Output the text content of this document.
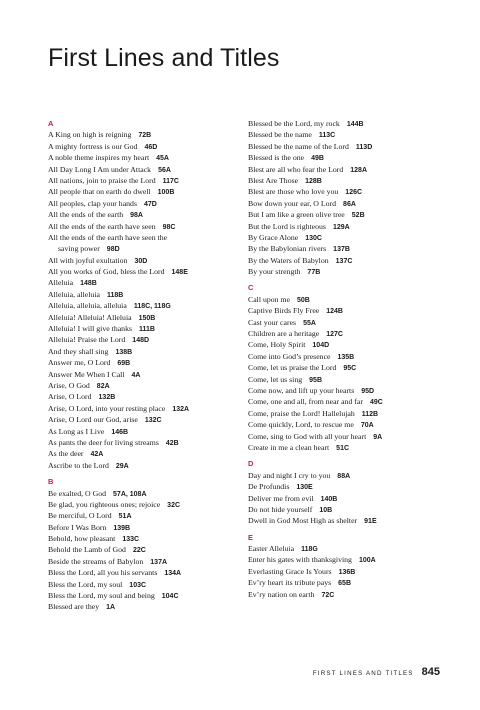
First Lines and Titles
A
A King on high is reigning 72B
A mighty fortress is our God 46D
A noble theme inspires my heart 45A
All Day Long I Am under Attack 56A
All nations, join to praise the Lord 117C
All people that on earth do dwell 100B
All peoples, clap your hands 47D
All the ends of the earth 98A
All the ends of the earth have seen 98C
All the ends of the earth have seen the
saving power 98D
All with joyful exultation 30D
All you works of God, bless the Lord 148E
Alleluia 148B
Alleluia, alleluia 118B
Alleluia, alleluia, alleluia 118C, 118G
Alleluia! Alleluia! Alleluia 150B
Alleluia! I will give thanks 111B
Alleluia! Praise the Lord 148D
And they shall sing 138B
Answer me, O Lord 69B
Answer Me When I Call 4A
Arise, O God 82A
Arise, O Lord 132B
Arise, O Lord, into your resting place 132A
Arise, O Lord our God, arise 132C
As Long as I Live 146B
As pants the deer for living streams 42B
As the deer 42A
Ascribe to the Lord 29A
B
Be exalted, O God 57A, 108A
Be glad, you righteous ones; rejoice 32C
Be merciful, O Lord 51A
Before I Was Born 139B
Behold, how pleasant 133C
Behold the Lamb of God 22C
Beside the streams of Babylon 137A
Bless the Lord, all you his servants 134A
Bless the Lord, my soul 103C
Bless the Lord, my soul and being 104C
Blessed are they 1A
Blessed be the Lord, my rock 144B
Blessed be the name 113C
Blessed be the name of the Lord 113D
Blessed is the one 49B
Blest are all who fear the Lord 128A
Blest Are Those 128B
Blest are those who love you 126C
Bow down your ear, O Lord 86A
But I am like a green olive tree 52B
But the Lord is righteous 129A
By Grace Alone 130C
By the Babylonian rivers 137B
By the Waters of Babylon 137C
By your strength 77B
C
Call upon me 50B
Captive Birds Fly Free 124B
Cast your cares 55A
Children are a heritage 127C
Come, Holy Spirit 104D
Come into God’s presence 135B
Come, let us praise the Lord 95C
Come, let us sing 95B
Come now, and lift up your hearts 95D
Come, one and all, from near and far 49C
Come, praise the Lord! Hallelujah 112B
Come quickly, Lord, to rescue me 70A
Come, sing to God with all your heart 9A
Create in me a clean heart 51C
D
Day and night I cry to you 88A
De Profundis 130E
Deliver me from evil 140B
Do not hide yourself 10B
Dwell in God Most High as shelter 91E
E
Easter Alleluia 118G
Enter his gates with thanksgiving 100A
Everlasting Grace Is Yours 136B
Ev’ry heart its tribute pays 65B
Ev’ry nation on earth 72C
FIRST LINES AND TITLES 845
